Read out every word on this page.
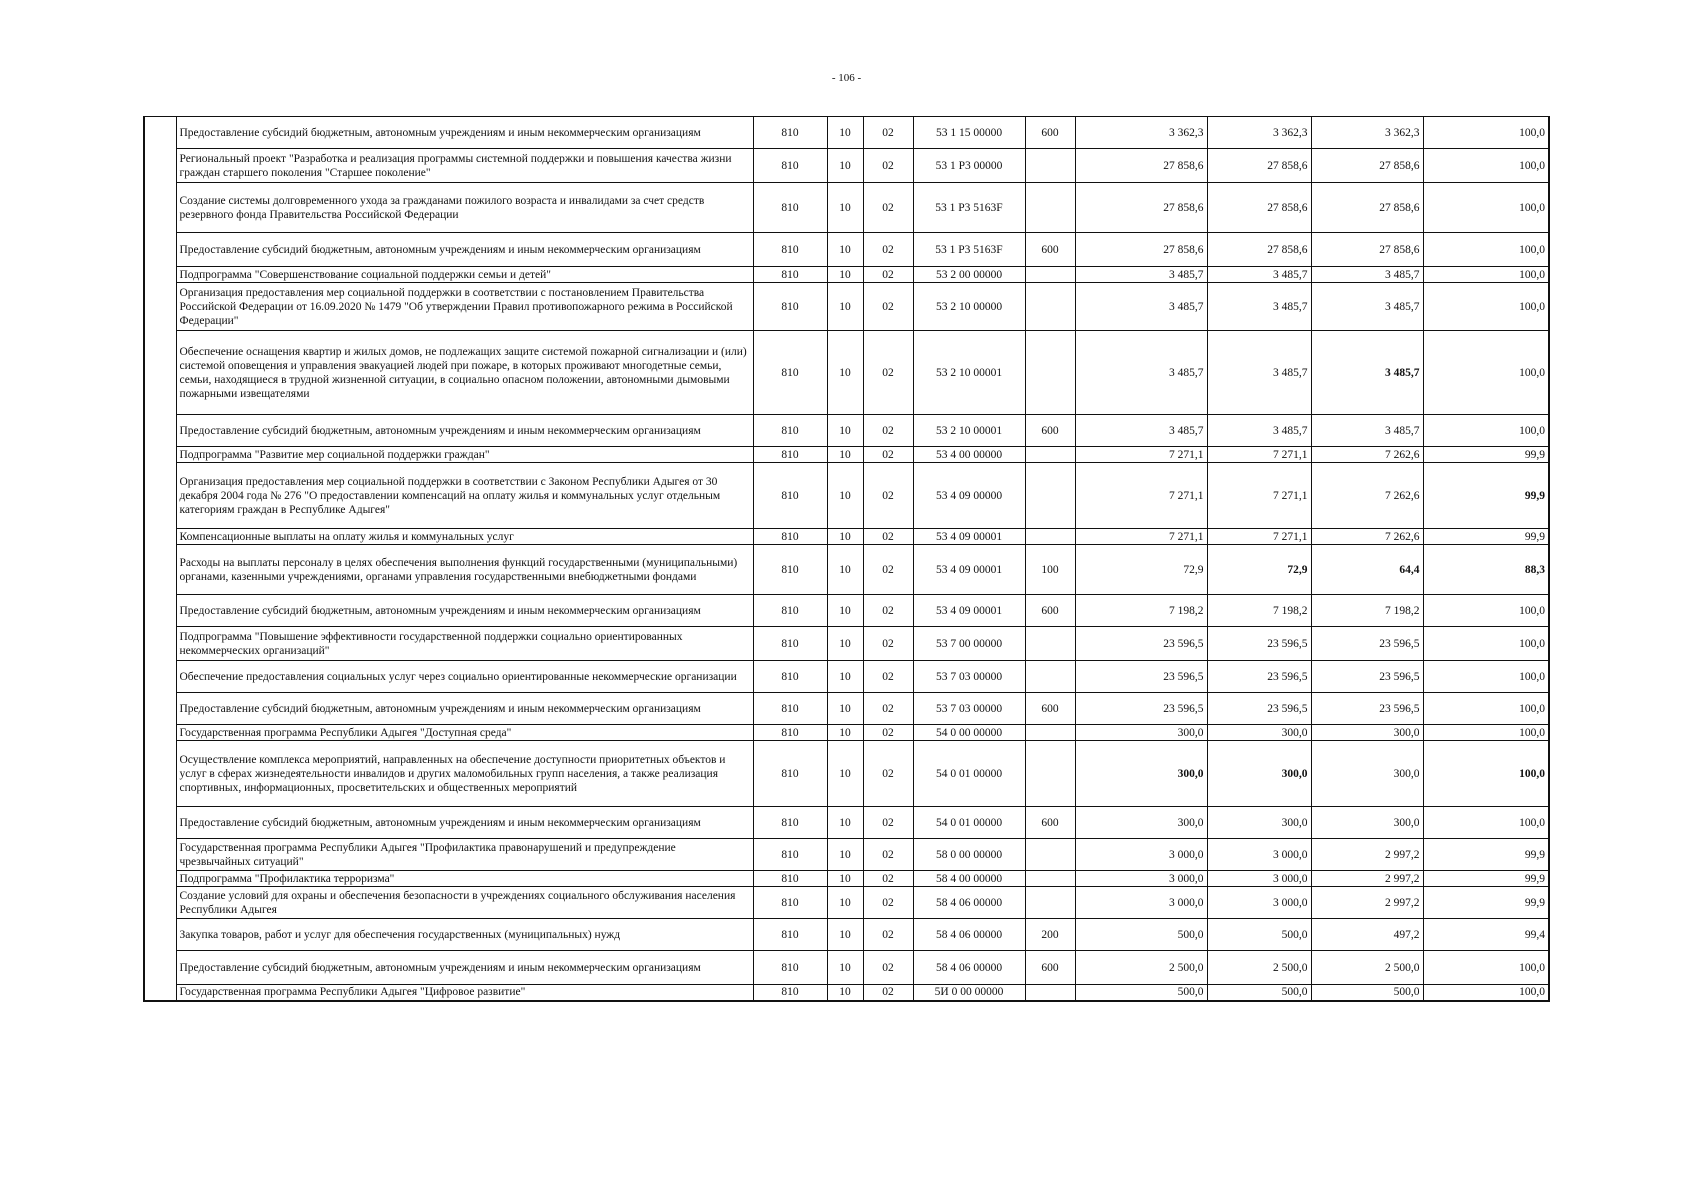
- 106 -
	Предоставление субсидий бюджетным, автономным учреждениям и иным некоммерческим организациям	810	10	02	53 1 15 00000	600	3 362,3	3 362,3	3 362,3	100,0
	Региональный проект "Разработка и реализация программы системной поддержки и повышения качества жизни граждан старшего поколения "Старшее поколение"	810	10	02	53 1 P3 00000		27 858,6	27 858,6	27 858,6	100,0
	Создание системы долговременного ухода за гражданами пожилого возраста и инвалидами за счет средств резервного фонда Правительства Российской Федерации	810	10	02	53 1 P3 5163F		27 858,6	27 858,6	27 858,6	100,0
	Предоставление субсидий бюджетным, автономным учреждениям и иным некоммерческим организациям	810	10	02	53 1 P3 5163F	600	27 858,6	27 858,6	27 858,6	100,0
	Подпрограмма "Совершенствование социальной поддержки семьи и детей"	810	10	02	53 2 00 00000		3 485,7	3 485,7	3 485,7	100,0
	Организация предоставления мер социальной поддержки в соответствии с постановлением Правительства Российской Федерации от 16.09.2020 № 1479 "Об утверждении Правил противопожарного режима в Российской Федерации"	810	10	02	53 2 10 00000		3 485,7	3 485,7	3 485,7	100,0
	Обеспечение оснащения квартир и жилых домов, не подлежащих защите системой пожарной сигнализации и (или) системой оповещения и управления эвакуацией людей при пожаре, в которых проживают многодетные семьи, семьи, находящиеся в трудной жизненной ситуации, в социально опасном положении, автономными дымовыми пожарными извещателями	810	10	02	53 2 10 00001		3 485,7	3 485,7	3 485,7	100,0
	Предоставление субсидий бюджетным, автономным учреждениям и иным некоммерческим организациям	810	10	02	53 2 10 00001	600	3 485,7	3 485,7	3 485,7	100,0
	Подпрограмма "Развитие мер социальной поддержки граждан"	810	10	02	53 4 00 00000		7 271,1	7 271,1	7 262,6	99,9
	Организация предоставления мер социальной поддержки в соответствии с Законом Республики Адыгея от 30 декабря 2004 года № 276 "О предоставлении компенсаций на оплату жилья и коммунальных услуг отдельным категориям граждан в Республике Адыгея"	810	10	02	53 4 09 00000		7 271,1	7 271,1	7 262,6	99,9
	Компенсационные выплаты на оплату жилья и коммунальных услуг	810	10	02	53 4 09 00001		7 271,1	7 271,1	7 262,6	99,9
	Расходы на выплаты персоналу в целях обеспечения выполнения функций государственными (муниципальными) органами, казенными учреждениями, органами управления государственными внебюджетными фондами	810	10	02	53 4 09 00001	100	72,9	72,9	64,4	88,3
	Предоставление субсидий бюджетным, автономным учреждениям и иным некоммерческим организациям	810	10	02	53 4 09 00001	600	7 198,2	7 198,2	7 198,2	100,0
	Подпрограмма "Повышение эффективности государственной поддержки социально ориентированных некоммерческих организаций"	810	10	02	53 7 00 00000		23 596,5	23 596,5	23 596,5	100,0
	Обеспечение предоставления социальных услуг через социально ориентированные некоммерческие организации	810	10	02	53 7 03 00000		23 596,5	23 596,5	23 596,5	100,0
	Предоставление субсидий бюджетным, автономным учреждениям и иным некоммерческим организациям	810	10	02	53 7 03 00000	600	23 596,5	23 596,5	23 596,5	100,0
	Государственная программа Республики Адыгея "Доступная среда"	810	10	02	54 0 00 00000		300,0	300,0	300,0	100,0
	Осуществление комплекса мероприятий, направленных на обеспечение доступности приоритетных объектов и услуг в сферах жизнедеятельности инвалидов и других маломобильных групп населения, а также реализация спортивных, информационных, просветительских и общественных мероприятий	810	10	02	54 0 01 00000		300,0	300,0	300,0	100,0
	Предоставление субсидий бюджетным, автономным учреждениям и иным некоммерческим организациям	810	10	02	54 0 01 00000	600	300,0	300,0	300,0	100,0
	Государственная программа Республики Адыгея "Профилактика правонарушений и предупреждение чрезвычайных ситуаций"	810	10	02	58 0 00 00000		3 000,0	3 000,0	2 997,2	99,9
	Подпрограмма "Профилактика терроризма"	810	10	02	58 4 00 00000		3 000,0	3 000,0	2 997,2	99,9
	Создание условий для охраны и обеспечения безопасности в учреждениях социального обслуживания населения Республики Адыгея	810	10	02	58 4 06 00000		3 000,0	3 000,0	2 997,2	99,9
	Закупка товаров, работ и услуг для обеспечения государственных (муниципальных) нужд	810	10	02	58 4 06 00000	200	500,0	500,0	497,2	99,4
	Предоставление субсидий бюджетным, автономным учреждениям и иным некоммерческим организациям	810	10	02	58 4 06 00000	600	2 500,0	2 500,0	2 500,0	100,0
	Государственная программа Республики Адыгея "Цифровое развитие"	810	10	02	5И 0 00 00000		500,0	500,0	500,0	100,0
